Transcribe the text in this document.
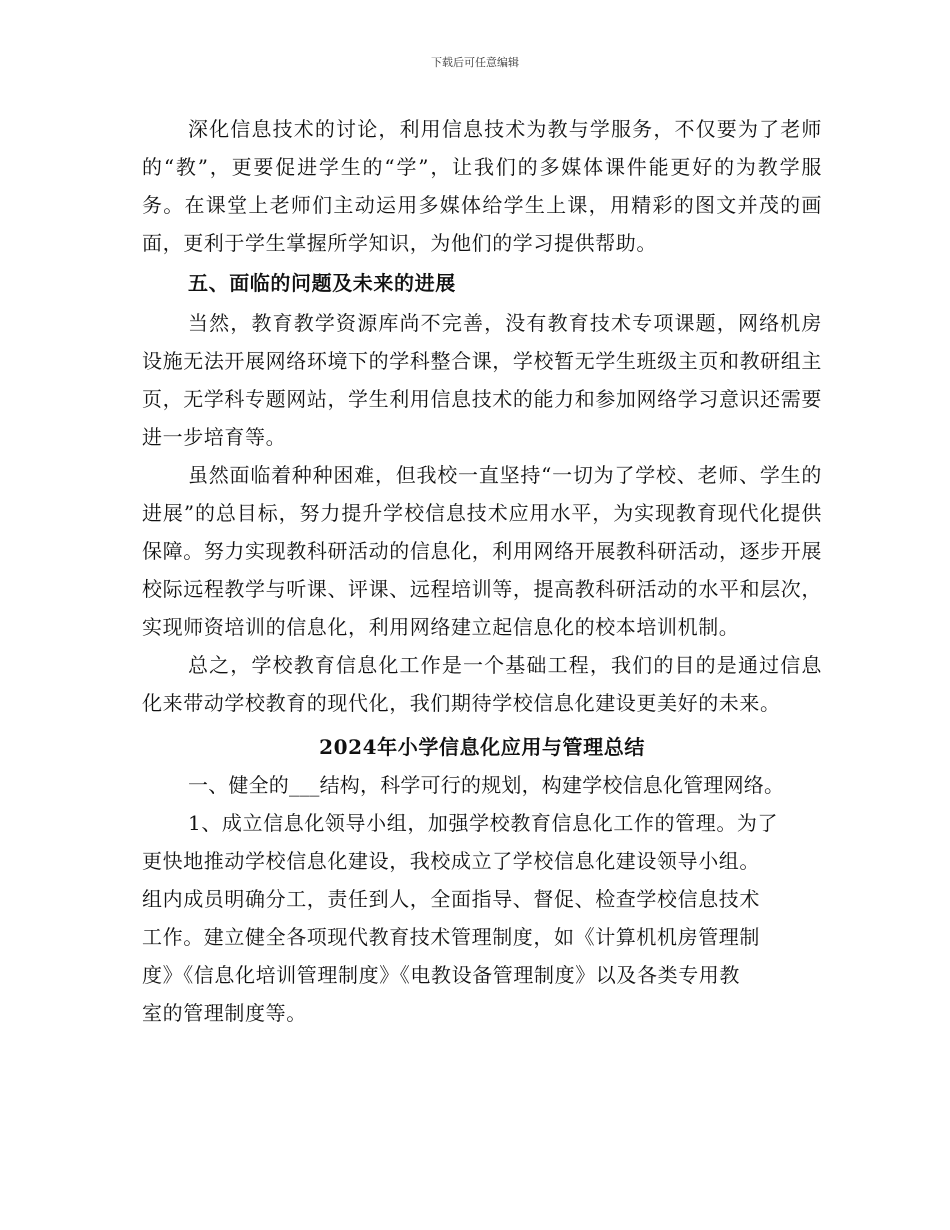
下载后可任意编辑

深化信息技术的讨论，利用信息技术为教与学服务，不仅要为了老师的“教”，更要促进学生的“学”，让我们的多媒体课件能更好的为教学服务。在课堂上老师们主动运用多媒体给学生上课，用精彩的图文并茂的画面，更利于学生掌握所学知识，为他们的学习提供帮助。

五、面临的问题及未来的进展

当然，教育教学资源库尚不完善，没有教育技术专项课题，网络机房设施无法开展网络环境下的学科整合课，学校暂无学生班级主页和教研组主页，无学科专题网站，学生利用信息技术的能力和参加网络学习意识还需要进一步培育等。

虽然面临着种种困难，但我校一直坚持“一切为了学校、老师、学生的进展”的总目标，努力提升学校信息技术应用水平，为实现教育现代化提供保障。努力实现教科研活动的信息化，利用网络开展教科研活动，逐步开展校际远程教学与听课、评课、远程培训等，提高教科研活动的水平和层次，实现师资培训的信息化，利用网络建立起信息化的校本培训机制。

总之，学校教育信息化工作是一个基础工程，我们的目的是通过信息化来带动学校教育的现代化，我们期待学校信息化建设更美好的未来。

2024年小学信息化应用与管理总结

一、健全的___结构，科学可行的规划，构建学校信息化管理网络。

1、成立信息化领导小组，加强学校教育信息化工作的管理。为了

更快地推动学校信息化建设，我校成立了学校信息化建设领导小组。

组内成员明确分工，责任到人，全面指导、督促、检查学校信息技术

工作。建立健全各项现代教育技术管理制度，如《计算机机房管理制

度》《信息化培训管理制度》《电教设备管理制度》以及各类专用教

室的管理制度等。
